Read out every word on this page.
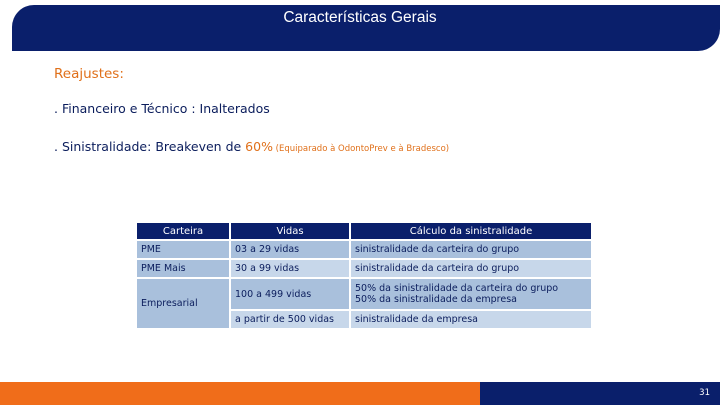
Características Gerais
Reajustes:
. Financeiro e Técnico : Inalterados
. Sinistralidade: Breakeven de 60% (Equiparado à OdontoPrev e à Bradesco)
Carteira	Vidas	Cálculo da sinistralidade
PME	03 a 29 vidas	sinistralidade da carteira do grupo
PME Mais	30 a 99 vidas	sinistralidade da carteira do grupo
Empresarial	100 a 499 vidas	50% da sinistralidade da carteira do grupo
50% da sinistralidade da empresa

	a partir de 500 vidas	sinistralidade da empresa
31
